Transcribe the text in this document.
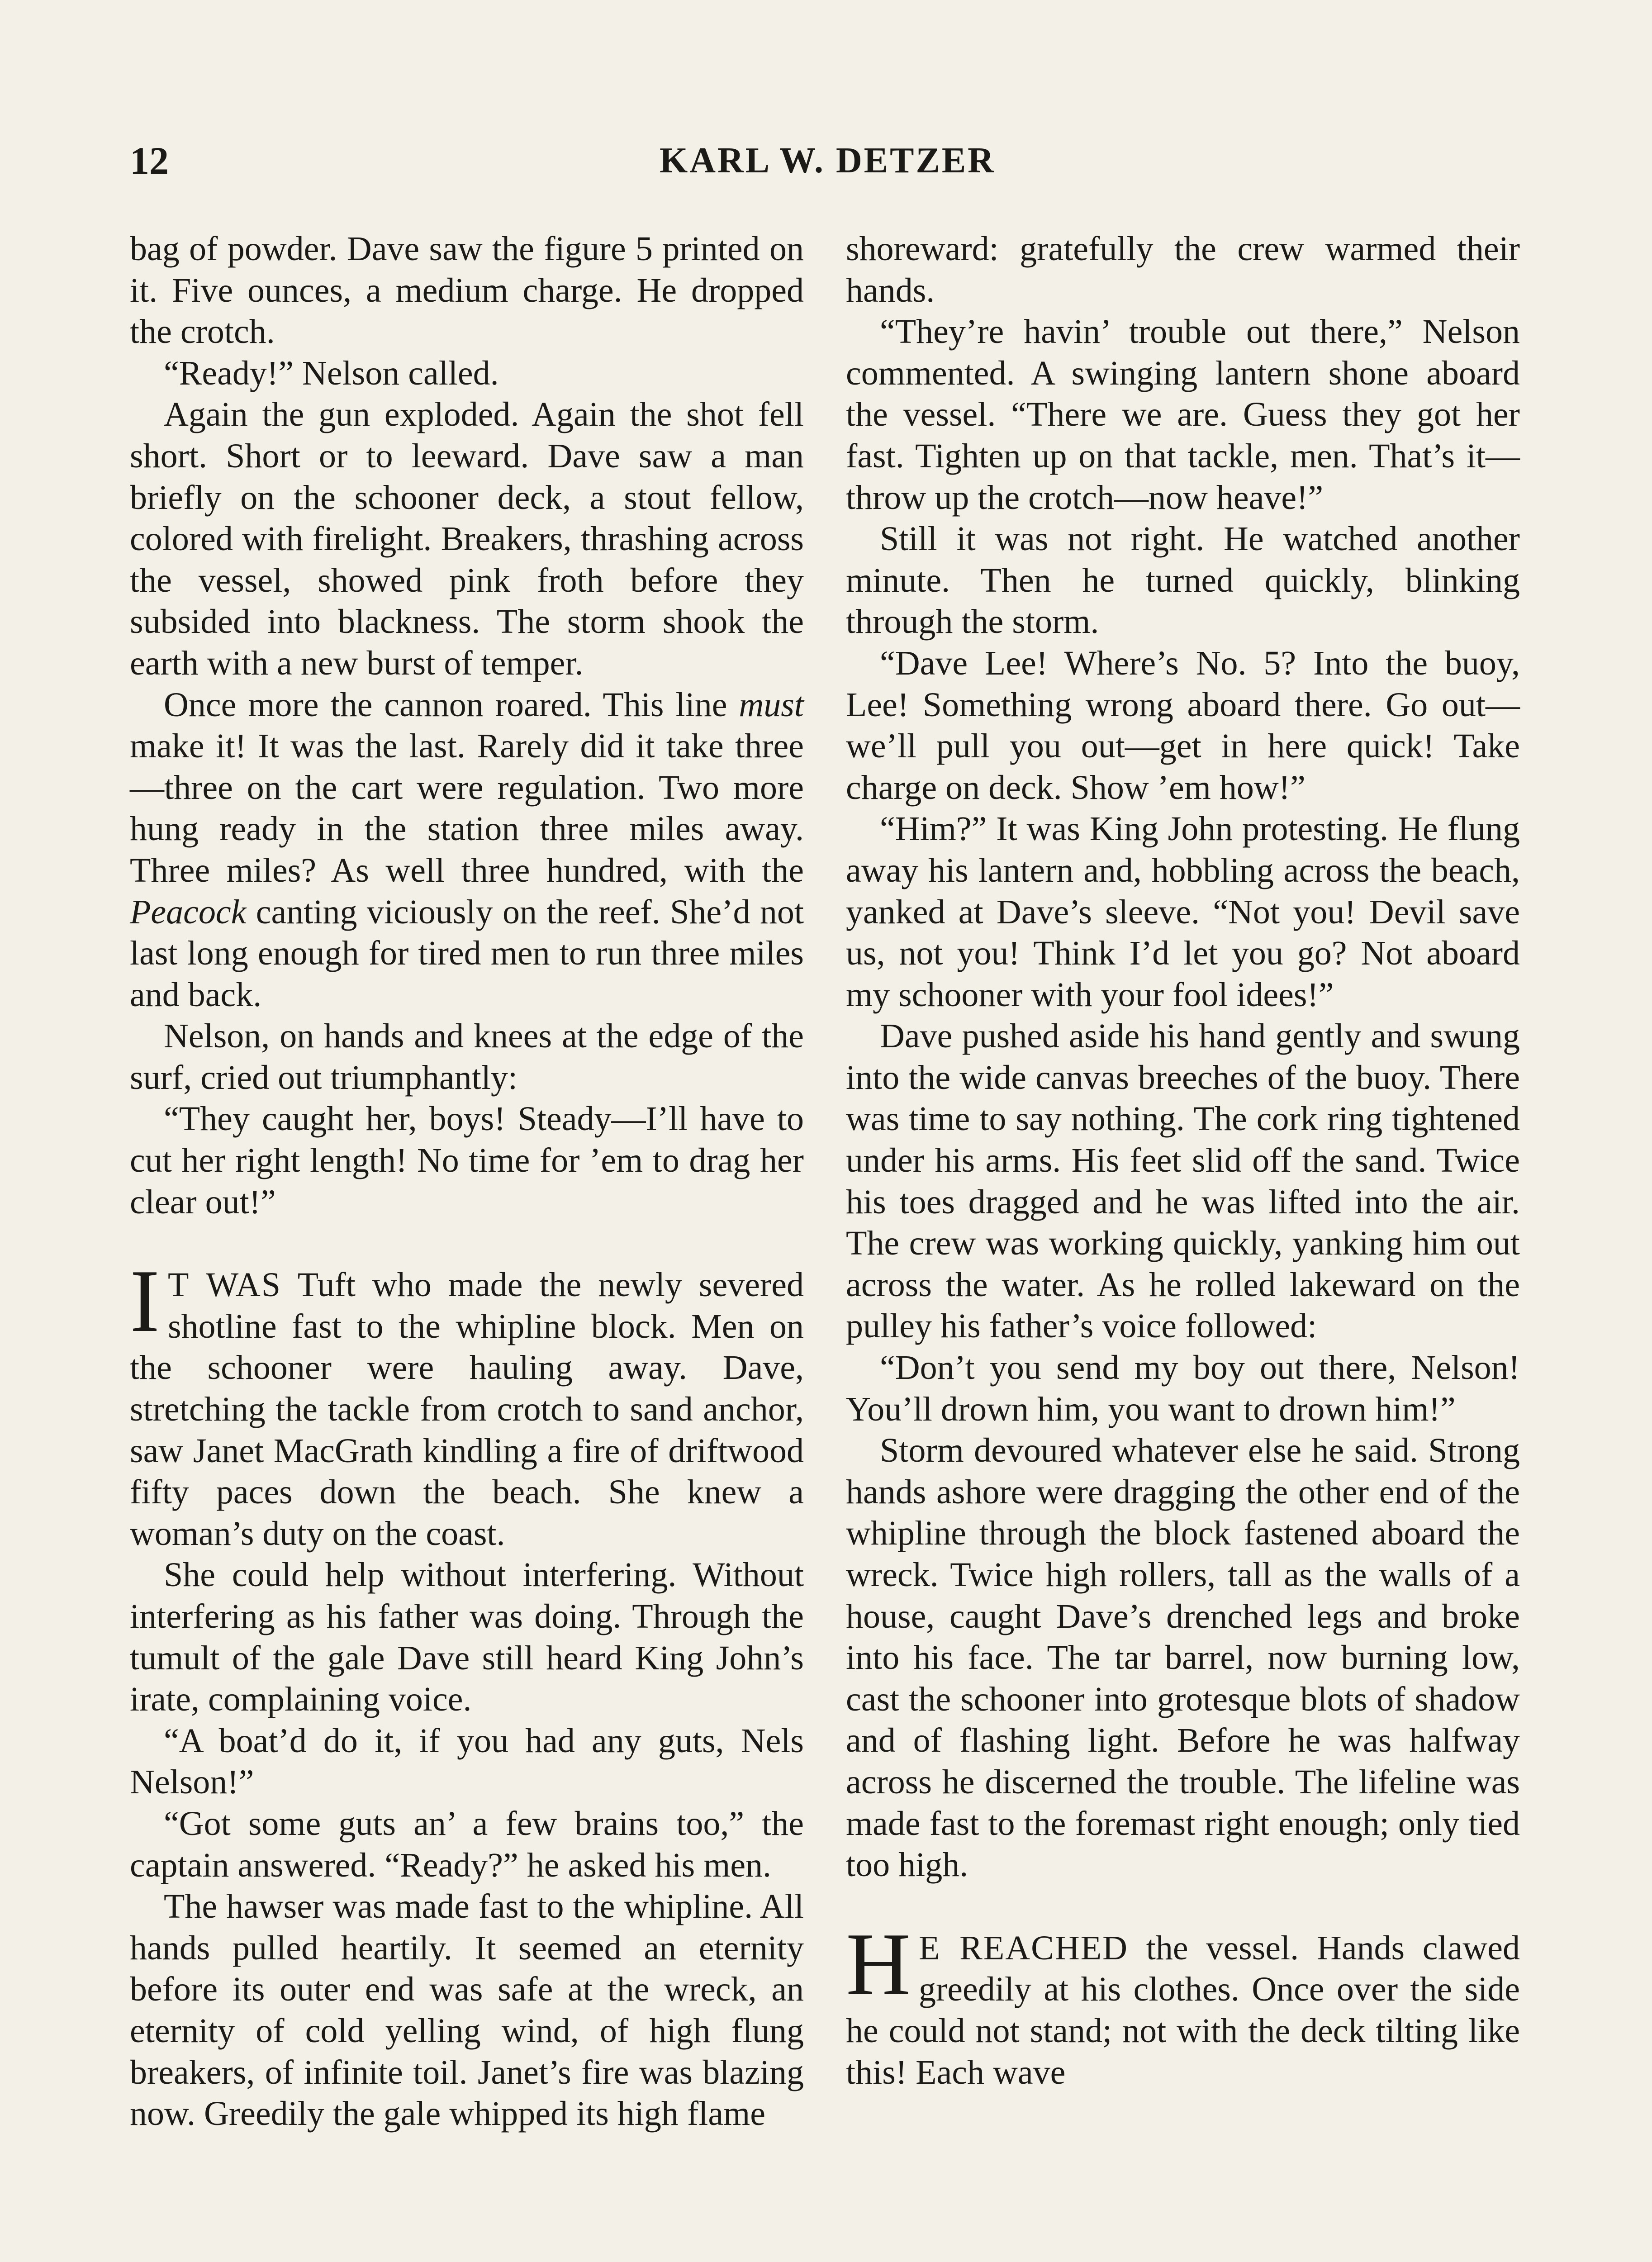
12	KARL W. DETZER

bag of powder. Dave saw the figure 5 printed on it. Five ounces, a medium charge. He dropped the crotch.

“Ready!” Nelson called.

Again the gun exploded. Again the shot fell short. Short or to leeward. Dave saw a man briefly on the schooner deck, a stout fellow, colored with firelight. Breakers, thrashing across the vessel, showed pink froth before they subsided into blackness. The storm shook the earth with a new burst of temper.

Once more the cannon roared. This line must make it! It was the last. Rarely did it take three—three on the cart were regulation. Two more hung ready in the station three miles away. Three miles? As well three hundred, with the Peacock canting viciously on the reef. She’d not last long enough for tired men to run three miles and back.

Nelson, on hands and knees at the edge of the surf, cried out triumphantly:

“They caught her, boys! Steady—I’ll have to cut her right length! No time for ’em to drag her clear out!”

I T WAS Tuft who made the newly severed shotline fast to the whipline block. Men on the schooner were hauling away. Dave, stretching the tackle from crotch to sand anchor, saw Janet MacGrath kindling a fire of driftwood fifty paces down the beach. She knew a woman’s duty on the coast.

She could help without interfering. Without interfering as his father was doing. Through the tumult of the gale Dave still heard King John’s irate, complaining voice.

“A boat’d do it, if you had any guts, Nels Nelson!”

“Got some guts an’ a few brains too,” the captain answered. “Ready?” he asked his men.

The hawser was made fast to the whipline. All hands pulled heartily. It seemed an eternity before its outer end was safe at the wreck, an eternity of cold yelling wind, of high flung breakers, of infinite toil. Janet’s fire was blazing now. Greedily the gale whipped its high flame

shoreward: gratefully the crew warmed their hands.

“They’re havin’ trouble out there,” Nelson commented. A swinging lantern shone aboard the vessel. “There we are. Guess they got her fast. Tighten up on that tackle, men. That’s it—throw up the crotch—now heave!”

Still it was not right. He watched another minute. Then he turned quickly, blinking through the storm.

“Dave Lee! Where’s No. 5? Into the buoy, Lee! Something wrong aboard there. Go out—we’ll pull you out—get in here quick! Take charge on deck. Show ’em how!”

“Him?” It was King John protesting. He flung away his lantern and, hobbling across the beach, yanked at Dave’s sleeve. “Not you! Devil save us, not you! Think I’d let you go? Not aboard my schooner with your fool idees!”

Dave pushed aside his hand gently and swung into the wide canvas breeches of the buoy. There was time to say nothing. The cork ring tightened under his arms. His feet slid off the sand. Twice his toes dragged and he was lifted into the air. The crew was working quickly, yanking him out across the water. As he rolled lakeward on the pulley his father’s voice followed:

“Don’t you send my boy out there, Nelson! You’ll drown him, you want to drown him!”

Storm devoured whatever else he said. Strong hands ashore were dragging the other end of the whipline through the block fastened aboard the wreck. Twice high rollers, tall as the walls of a house, caught Dave’s drenched legs and broke into his face. The tar barrel, now burning low, cast the schooner into grotesque blots of shadow and of flashing light. Before he was halfway across he discerned the trouble. The lifeline was made fast to the foremast right enough; only tied too high.

H E REACHED the vessel. Hands clawed greedily at his clothes. Once over the side he could not stand; not with the deck tilting like this! Each wave
